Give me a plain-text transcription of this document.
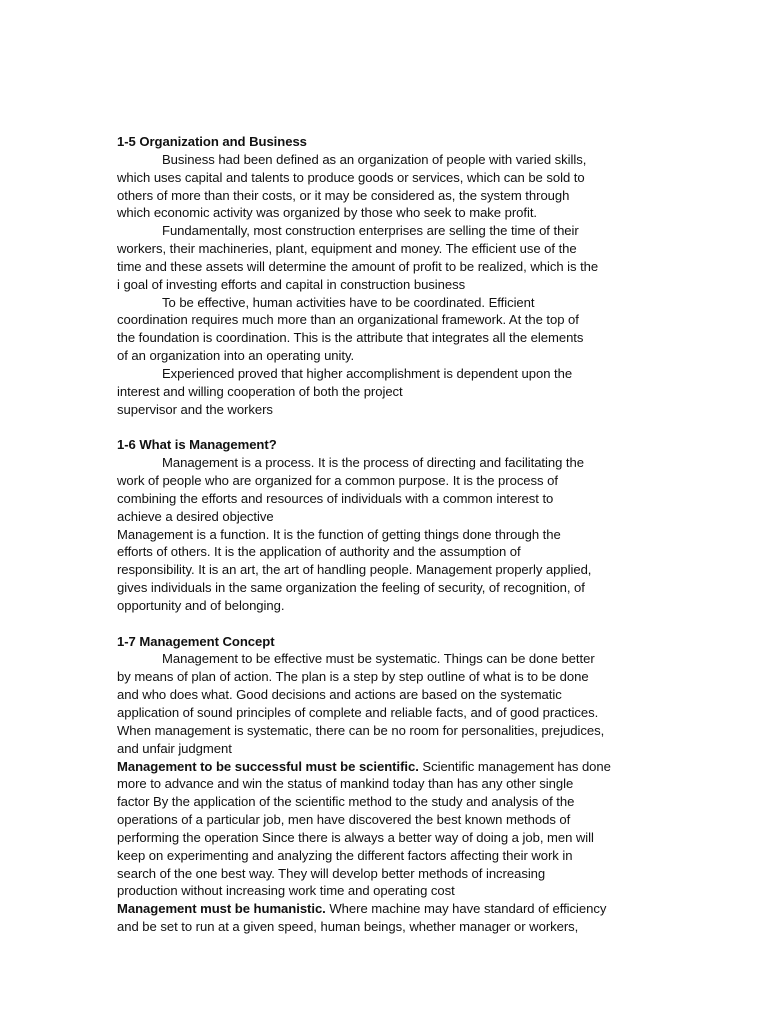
1-5 Organization and Business
Business had been defined as an organization of people with varied skills,
which uses capital and talents to produce goods or services, which can be sold to
others of more than their costs, or it may be considered as, the system through
which economic activity was organized by those who seek to make profit.
Fundamentally, most construction enterprises are selling the time of their
workers, their machineries, plant, equipment and money. The efficient use of the
time and these assets will determine the amount of profit to be realized, which is the
i goal of investing efforts and capital in construction business
To be effective, human activities have to be coordinated. Efficient
coordination requires much more than an organizational framework. At the top of
the foundation is coordination. This is the attribute that integrates all the elements
of an organization into an operating unity.
Experienced proved that higher accomplishment is dependent upon the
interest and willing cooperation of both the project
supervisor and the workers
1-6 What is Management?
Management is a process. It is the process of directing and facilitating the
work of people who are organized for a common purpose. It is the process of
combining the efforts and resources of individuals with a common interest to
achieve a desired objective
Management is a function. It is the function of getting things done through the
efforts of others. It is the application of authority and the assumption of
responsibility. It is an art, the art of handling people. Management properly applied,
gives individuals in the same organization the feeling of security, of recognition, of
opportunity and of belonging.
1-7 Management Concept
Management to be effective must be systematic. Things can be done better
by means of plan of action. The plan is a step by step outline of what is to be done
and who does what. Good decisions and actions are based on the systematic
application of sound principles of complete and reliable facts, and of good practices.
When management is systematic, there can be no room for personalities, prejudices,
and unfair judgment
Management to be successful must be scientific. Scientific management has done
more to advance and win the status of mankind today than has any other single
factor By the application of the scientific method to the study and analysis of the
operations of a particular job, men have discovered the best known methods of
performing the operation Since there is always a better way of doing a job, men will
keep on experimenting and analyzing the different factors affecting their work in
search of the one best way. They will develop better methods of increasing
production without increasing work time and operating cost
Management must be humanistic. Where machine may have standard of efficiency
and be set to run at a given speed, human beings, whether manager or workers,
